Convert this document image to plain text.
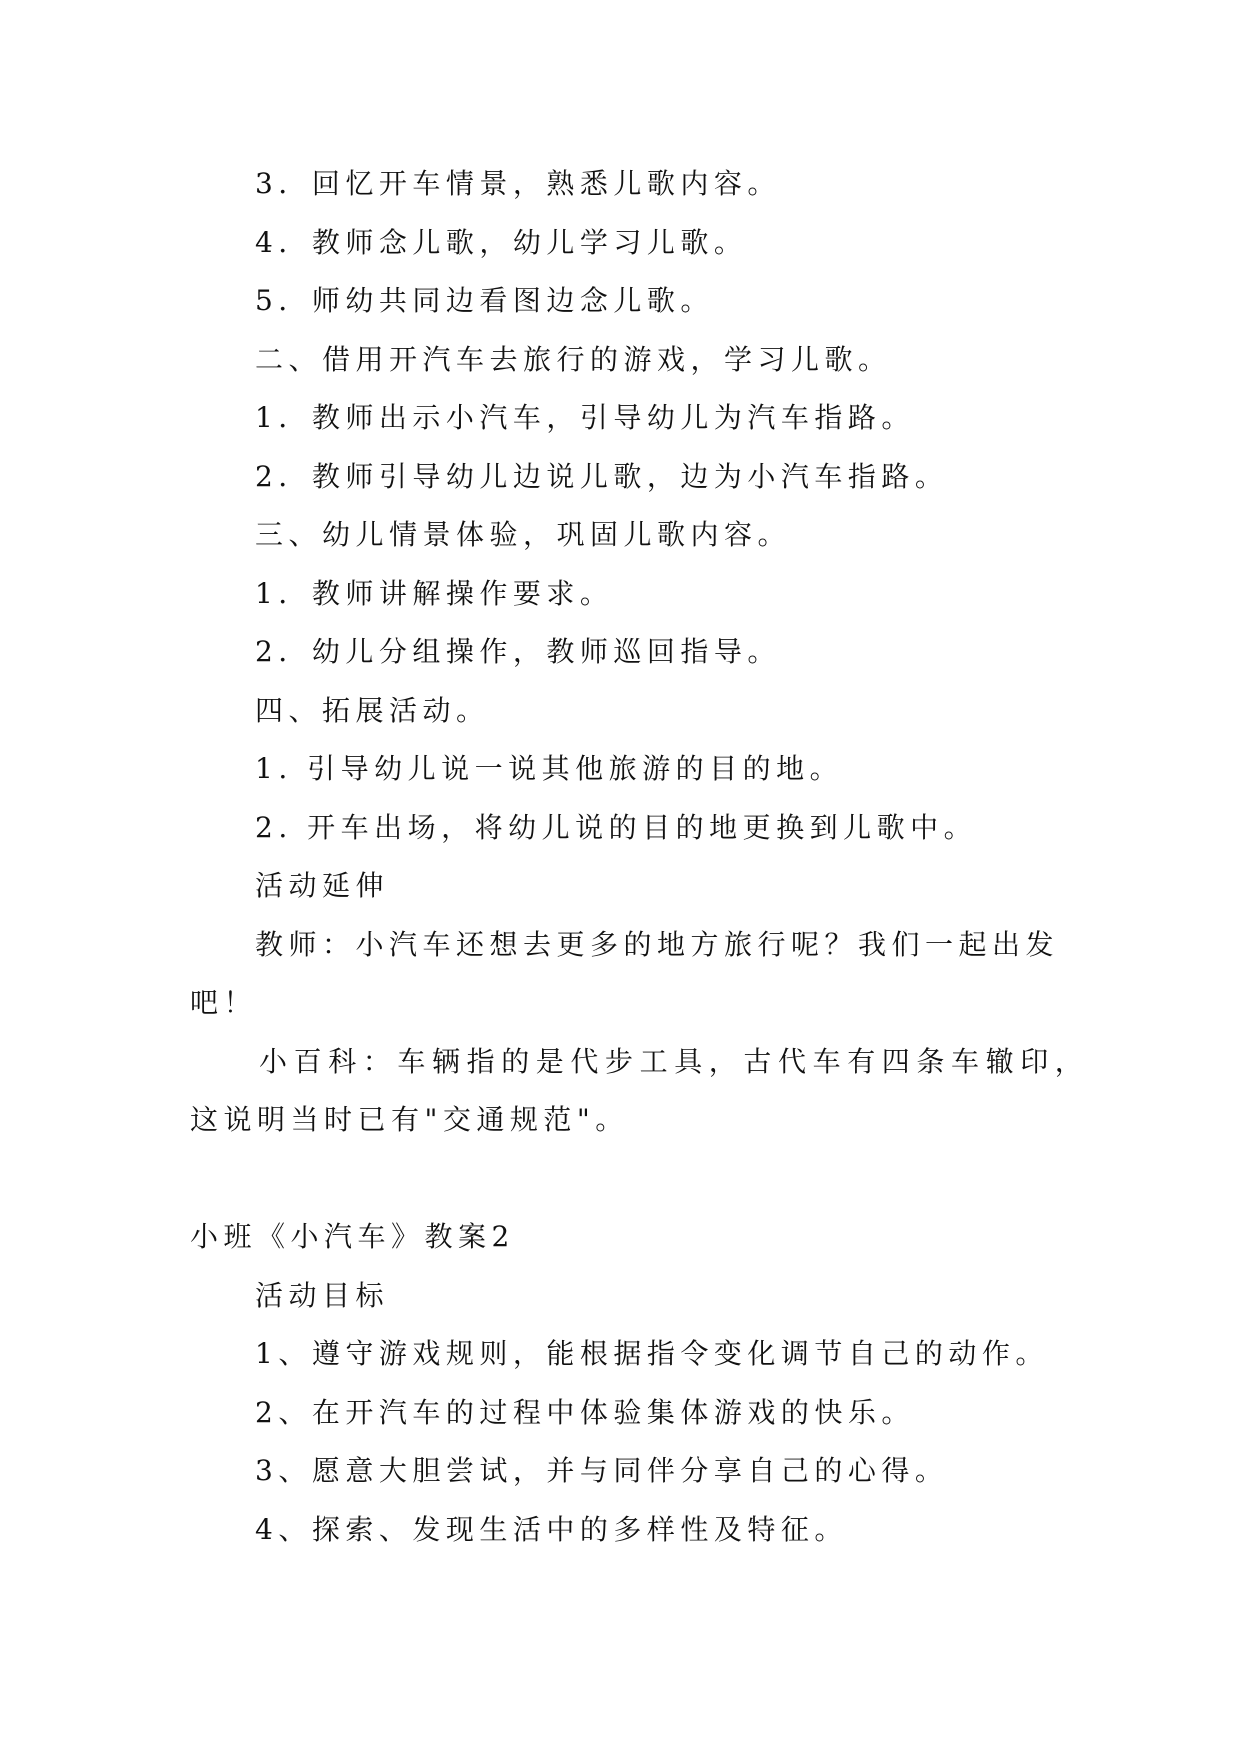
3．回忆开车情景，熟悉儿歌内容。

4．教师念儿歌，幼儿学习儿歌。

5．师幼共同边看图边念儿歌。

二、借用开汽车去旅行的游戏，学习儿歌。

1．教师出示小汽车，引导幼儿为汽车指路。

2．教师引导幼儿边说儿歌，边为小汽车指路。

三、幼儿情景体验，巩固儿歌内容。

1．教师讲解操作要求。

2．幼儿分组操作，教师巡回指导。

四、拓展活动。

1. 引导幼儿说一说其他旅游的目的地。

2. 开车出场，将幼儿说的目的地更换到儿歌中。

活动延伸

教师：小汽车还想去更多的地方旅行呢？我们一起出发

吧！

小百科：车辆指的是代步工具，古代车有四条车辙印，

这说明当时已有"交通规范"。

小班《小汽车》教案2

活动目标

1、遵守游戏规则，能根据指令变化调节自己的动作。

2、在开汽车的过程中体验集体游戏的快乐。

3、愿意大胆尝试，并与同伴分享自己的心得。

4、探索、发现生活中的多样性及特征。
